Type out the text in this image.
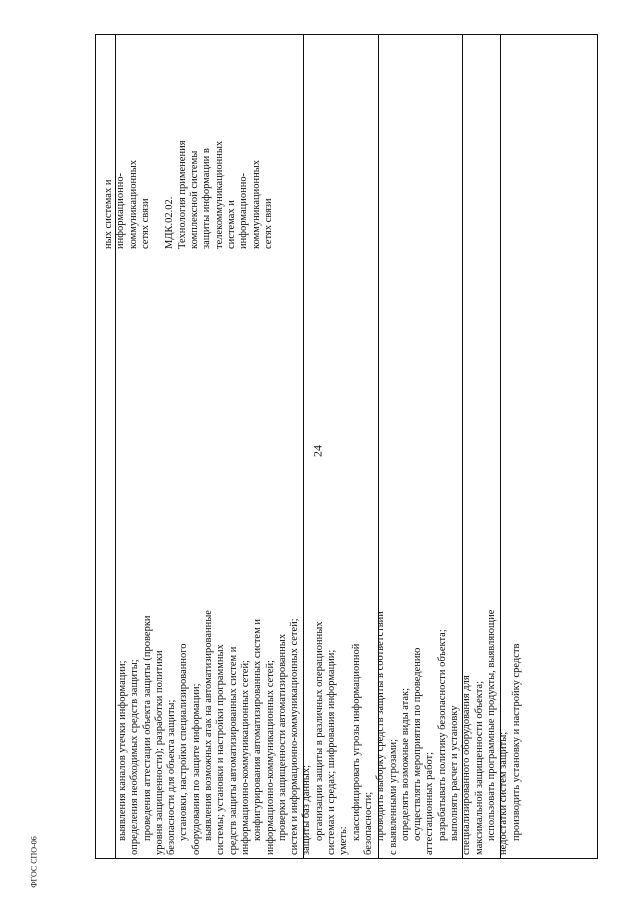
24
выявления каналов утечки информации; определения необходимых средств защиты; проведения аттестации объекта защиты (проверки уровня защищенности); разработки политики безопасности для объекта защиты; установки, настройки специализированного оборудования по защите информации; выявления возможных атак на автоматизированные системы; установки и настройки программных средств защиты автоматизированных систем и информационно-коммуникационных сетей; конфигурирования автоматизированных систем и информационно-коммуникационных сетей; проверки защищенности автоматизированных систем и информационно-коммуникационных сетей; защиты баз данных; организации защиты в различных операционных системах и средах; шифрования информации; уметь: классифицировать угрозы информационной безопасности; проводить выборку средств защиты в соответствии с выявленными угрозами; определять возможные виды атак; осуществлять мероприятия по проведению аттестационных работ; разрабатывать политику безопасности объекта; выполнять расчет и установку специализированного оборудования для максимальной защищенности объекта; использовать программные продукты, выявляющие недостатки систем защиты; производить установку и настройку средств
ных системах и информационно- коммуникационных сетях связи
МДК.02.02. Технология применения комплексной системы защиты информации в телекоммуникационных системах и информационно- коммуникационных сетях связи
ФГОС СПО-06
